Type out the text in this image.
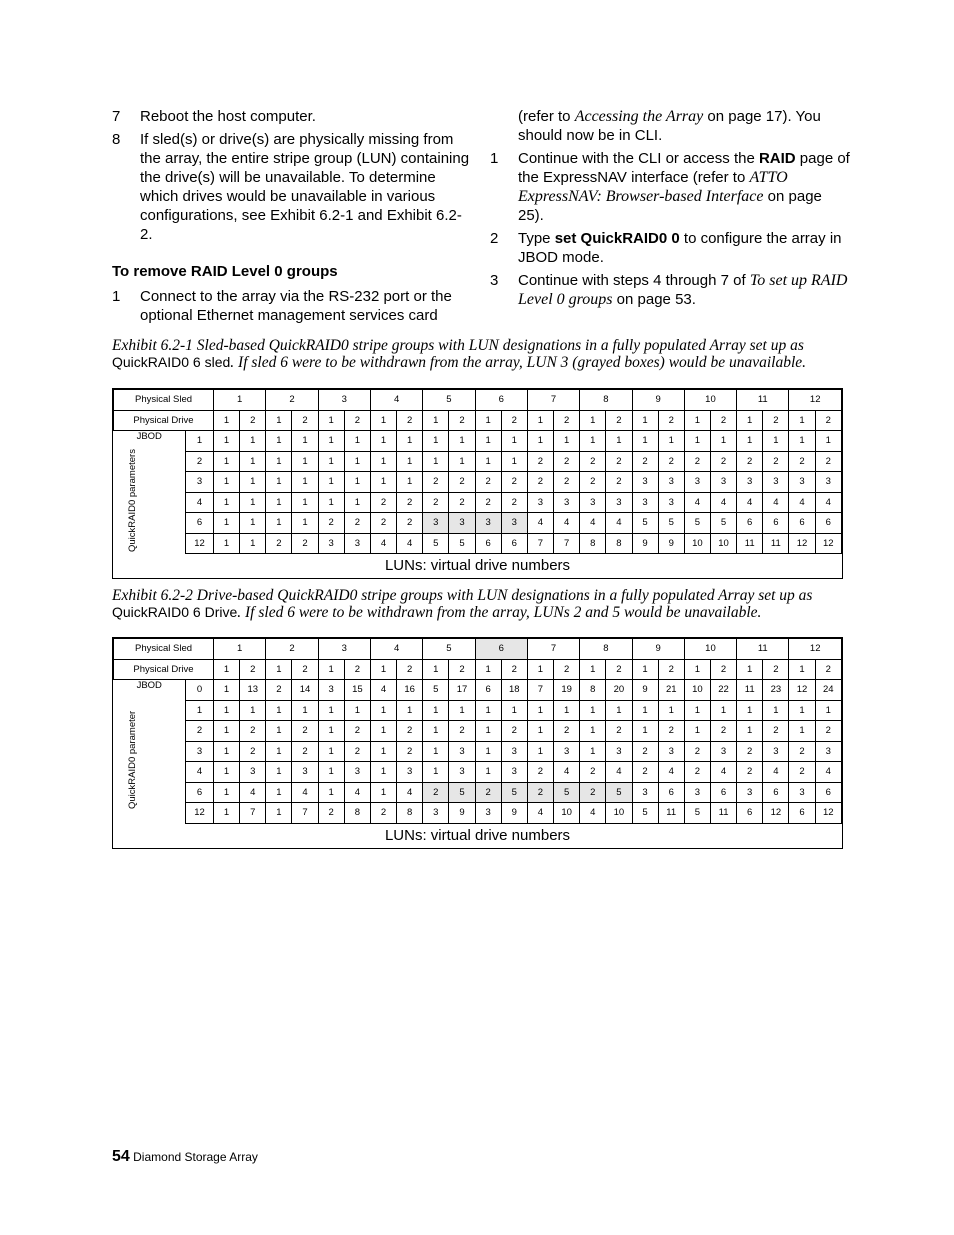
7	Reboot the host computer.
8	If sled(s) or drive(s) are physically missing from the array, the entire stripe group (LUN) containing the drive(s) will be unavailable. To determine which drives would be unavailable in various configurations, see Exhibit 6.2-1 and Exhibit 6.2-2.
To remove RAID Level 0 groups
1	Connect to the array via the RS-232 port or the optional Ethernet management services card
(refer to Accessing the Array on page 17). You should now be in CLI.
1	Continue with the CLI or access the RAID page of the ExpressNAV interface (refer to ATTO ExpressNAV: Browser-based Interface on page 25).
2	Type set QuickRAID0 0 to configure the array in JBOD mode.
3	Continue with steps 4 through 7 of To set up RAID Level 0 groups on page 53.
Exhibit 6.2-1 Sled-based QuickRAID0 stripe groups with LUN designations in a fully populated Array set up as QuickRAID0 6 sled. If sled 6 were to be withdrawn from the array, LUN 3 (grayed boxes) would be unavailable.
Physical Sled		1		2		3		4		5		6		7		8		9		10		11		12	
Physical Drive		1	2	1	2	1	2	1	2	1	2	1	2	1	2	1	2	1	2	1	2	1	2	1	2
JBOD	1	1	1	1	1	1	1	1	1	1	1	1	1	1	1	1	1	1	1	1	1	1	1	1	1
	2	1	1	1	1	1	1	1	1	1	1	1	1	2	2	2	2	2	2	2	2	2	2	2	2
	3	1	1	1	1	1	1	1	1	2	2	2	2	2	2	2	2	3	3	3	3	3	3	3	3
	4	1	1	1	1	1	1	2	2	2	2	2	2	3	3	3	3	3	3	4	4	4	4	4	4
	6	1	1	1	1	2	2	2	2	3	3	3	3	4	4	4	4	5	5	5	5	6	6	6	6
	12	1	1	2	2	3	3	4	4	5	5	6	6	7	7	8	8	9	9	10	10	11	11	12	12
QuickRAID0 parameters
LUNs: virtual drive numbers
Exhibit 6.2-2 Drive-based QuickRAID0 stripe groups with LUN designations in a fully populated Array set up as QuickRAID0 6 Drive. If sled 6 were to be withdrawn from the array, LUNs 2 and 5 would be unavailable.
Physical Sled		1		2		3		4		5		6		7		8		9		10		11		12	
Physical Drive		1	2	1	2	1	2	1	2	1	2	1	2	1	2	1	2	1	2	1	2	1	2	1	2
JBOD	0	1	13	2	14	3	15	4	16	5	17	6	18	7	19	8	20	9	21	10	22	11	23	12	24
	1	1	1	1	1	1	1	1	1	1	1	1	1	1	1	1	1	1	1	1	1	1	1	1	1
	2	1	2	1	2	1	2	1	2	1	2	1	2	1	2	1	2	1	2	1	2	1	2	1	2
	3	1	2	1	2	1	2	1	2	1	3	1	3	1	3	1	3	2	3	2	3	2	3	2	3
	4	1	3	1	3	1	3	1	3	1	3	1	3	2	4	2	4	2	4	2	4	2	4	2	4
	6	1	4	1	4	1	4	1	4	2	5	2	5	2	5	2	5	3	6	3	6	3	6	3	6
	12	1	7	1	7	2	8	2	8	3	9	3	9	4	10	4	10	5	11	5	11	6	12	6	12
QuickRAID0 parameter
LUNs: virtual drive numbers
54 Diamond Storage Array
